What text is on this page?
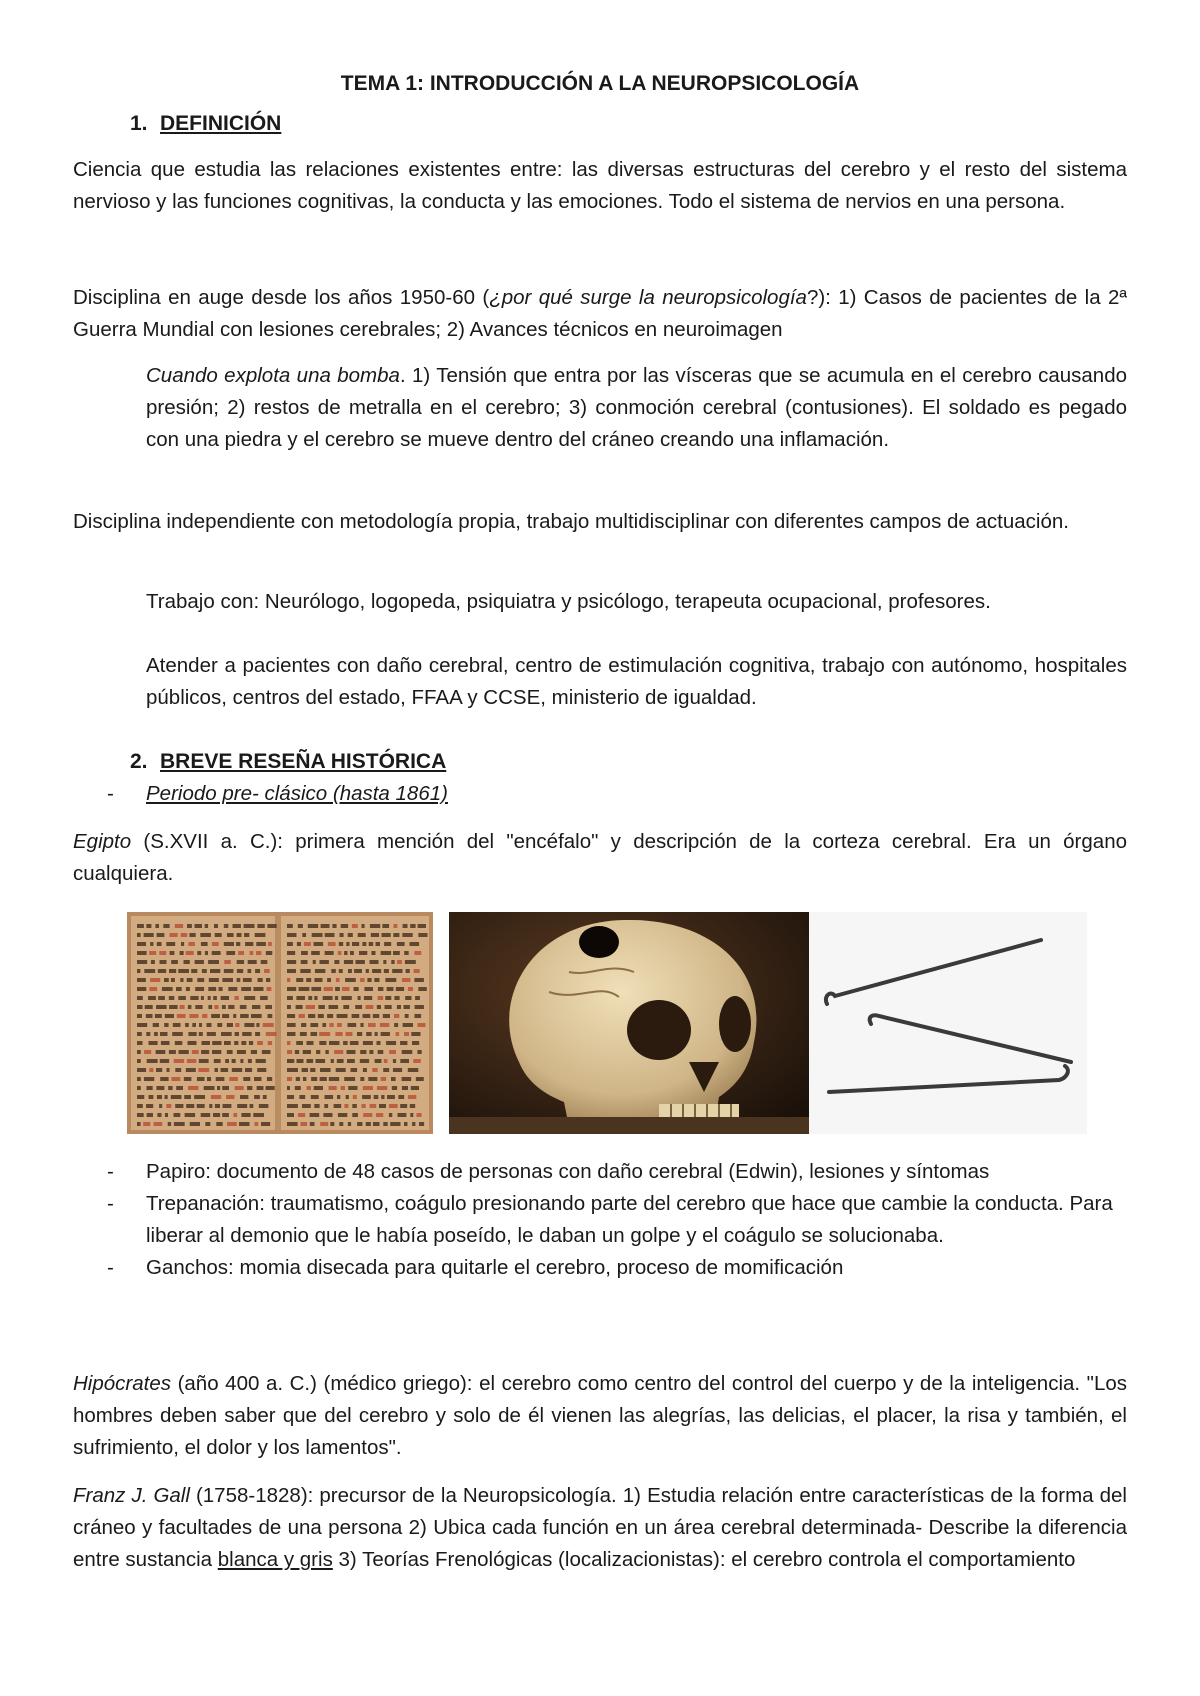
TEMA 1: INTRODUCCIÓN A LA NEUROPSICOLOGÍA
1. DEFINICIÓN

Ciencia que estudia las relaciones existentes entre: las diversas estructuras del cerebro y el resto del sistema nervioso y las funciones cognitivas, la conducta y las emociones. Todo el sistema de nervios en una persona.

Disciplina en auge desde los años 1950-60 (¿por qué surge la neuropsicología?): 1) Casos de pacientes de la 2ª Guerra Mundial con lesiones cerebrales; 2) Avances técnicos en neuroimagen

Cuando explota una bomba. 1) Tensión que entra por las vísceras que se acumula en el cerebro causando presión; 2) restos de metralla en el cerebro; 3) conmoción cerebral (contusiones). El soldado es pegado con una piedra y el cerebro se mueve dentro del cráneo creando una inflamación.

Disciplina independiente con metodología propia, trabajo multidisciplinar con diferentes campos de actuación.

Trabajo con: Neurólogo, logopeda, psiquiatra y psicólogo, terapeuta ocupacional, profesores.

Atender a pacientes con daño cerebral, centro de estimulación cognitiva, trabajo con autónomo, hospitales públicos, centros del estado, FFAA y CCSE, ministerio de igualdad.

2. BREVE RESEÑA HISTÓRICA
-	Periodo pre- clásico (hasta 1861)

Egipto (S.XVII a. C.): primera mención del "encéfalo" y descripción de la corteza cerebral. Era un órgano cualquiera.

-	Papiro: documento de 48 casos de personas con daño cerebral (Edwin), lesiones y síntomas
-	Trepanación: traumatismo, coágulo presionando parte del cerebro que hace que cambie la conducta. Para liberar al demonio que le había poseído, le daban un golpe y el coágulo se solucionaba.
-	Ganchos: momia disecada para quitarle el cerebro, proceso de momificación

Hipócrates (año 400 a. C.) (médico griego): el cerebro como centro del control del cuerpo y de la inteligencia. "Los hombres deben saber que del cerebro y solo de él vienen las alegrías, las delicias, el placer, la risa y también, el sufrimiento, el dolor y los lamentos".

Franz J. Gall (1758-1828): precursor de la Neuropsicología. 1) Estudia relación entre características de la forma del cráneo y facultades de una persona 2) Ubica cada función en un área cerebral determinada- Describe la diferencia entre sustancia blanca y gris 3) Teorías Frenológicas (localizacionistas): el cerebro controla el comportamiento
